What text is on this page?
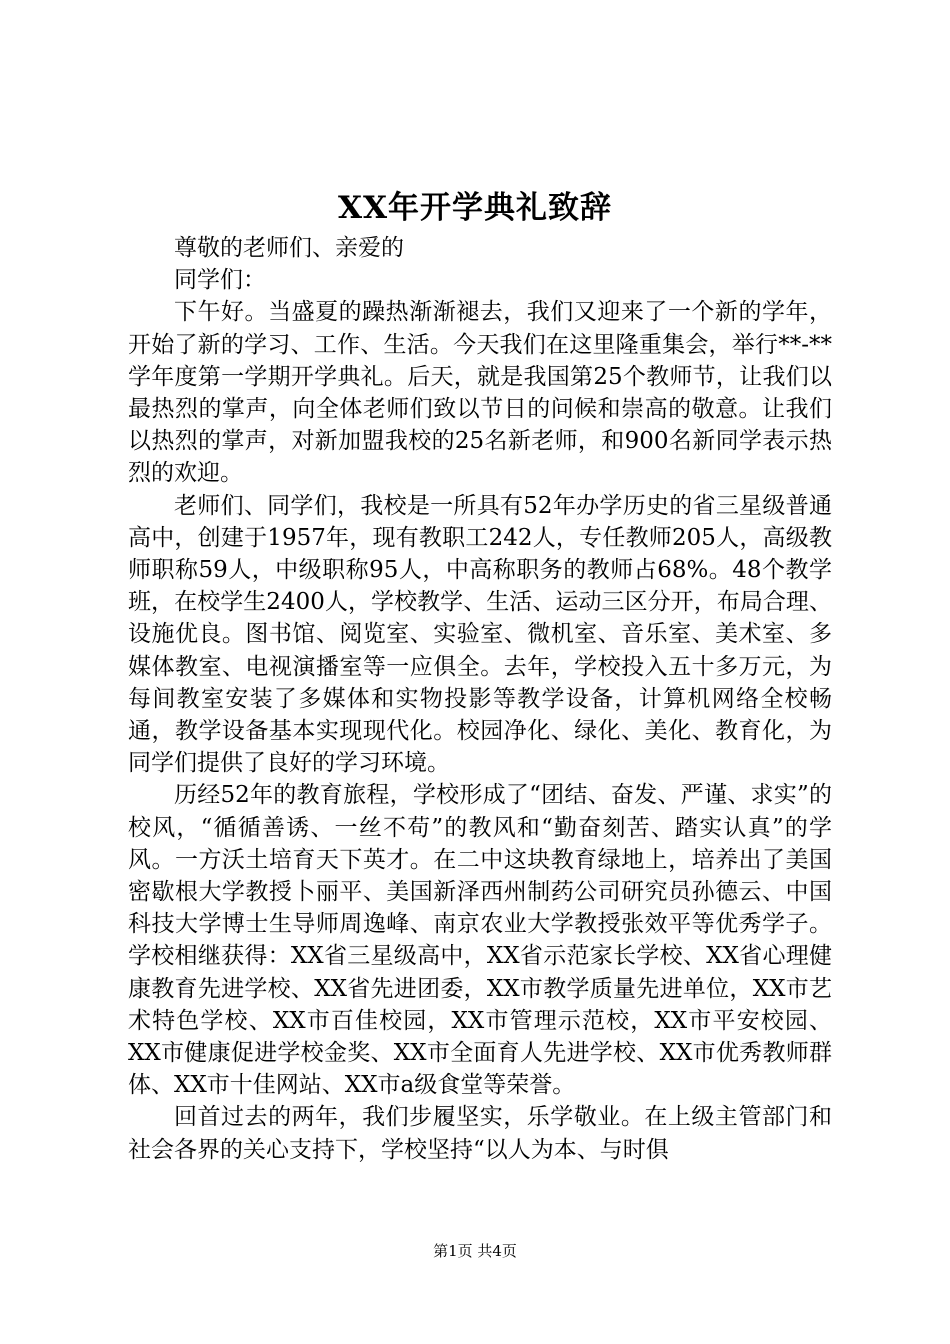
XX年开学典礼致辞

尊敬的老师们、亲爱的

同学们：

下午好。当盛夏的躁热渐渐褪去，我们又迎来了一个新的学年，开始了新的学习、工作、生活。今天我们在这里隆重集会，举行**-**学年度第一学期开学典礼。后天，就是我国第25个教师节，让我们以最热烈的掌声，向全体老师们致以节日的问候和崇高的敬意。让我们以热烈的掌声，对新加盟我校的25名新老师，和900名新同学表示热烈的欢迎。

老师们、同学们，我校是一所具有52年办学历史的省三星级普通高中，创建于1957年，现有教职工242人，专任教师205人，高级教师职称59人，中级职称95人，中高称职务的教师占68%。48个教学班，在校学生2400人，学校教学、生活、运动三区分开，布局合理、设施优良。图书馆、阅览室、实验室、微机室、音乐室、美术室、多媒体教室、电视演播室等一应俱全。去年，学校投入五十多万元，为每间教室安装了多媒体和实物投影等教学设备，计算机网络全校畅通，教学设备基本实现现代化。校园净化、绿化、美化、教育化，为同学们提供了良好的学习环境。

历经52年的教育旅程，学校形成了“团结、奋发、严谨、求实”的校风，“循循善诱、一丝不苟”的教风和“勤奋刻苦、踏实认真”的学风。一方沃土培育天下英才。在二中这块教育绿地上，培养出了美国密歇根大学教授卜丽平、美国新泽西州制药公司研究员孙德云、中国科技大学博士生导师周逸峰、南京农业大学教授张效平等优秀学子。学校相继获得：XX省三星级高中，XX省示范家长学校、XX省心理健康教育先进学校、XX省先进团委，XX市教学质量先进单位，XX市艺术特色学校、XX市百佳校园，XX市管理示范校，XX市平安校园、XX市健康促进学校金奖、XX市全面育人先进学校、XX市优秀教师群体、XX市十佳网站、XX市a级食堂等荣誉。

回首过去的两年，我们步履坚实，乐学敬业。在上级主管部门和社会各界的关心支持下，学校坚持“以人为本、与时俱

第1页 共4页
